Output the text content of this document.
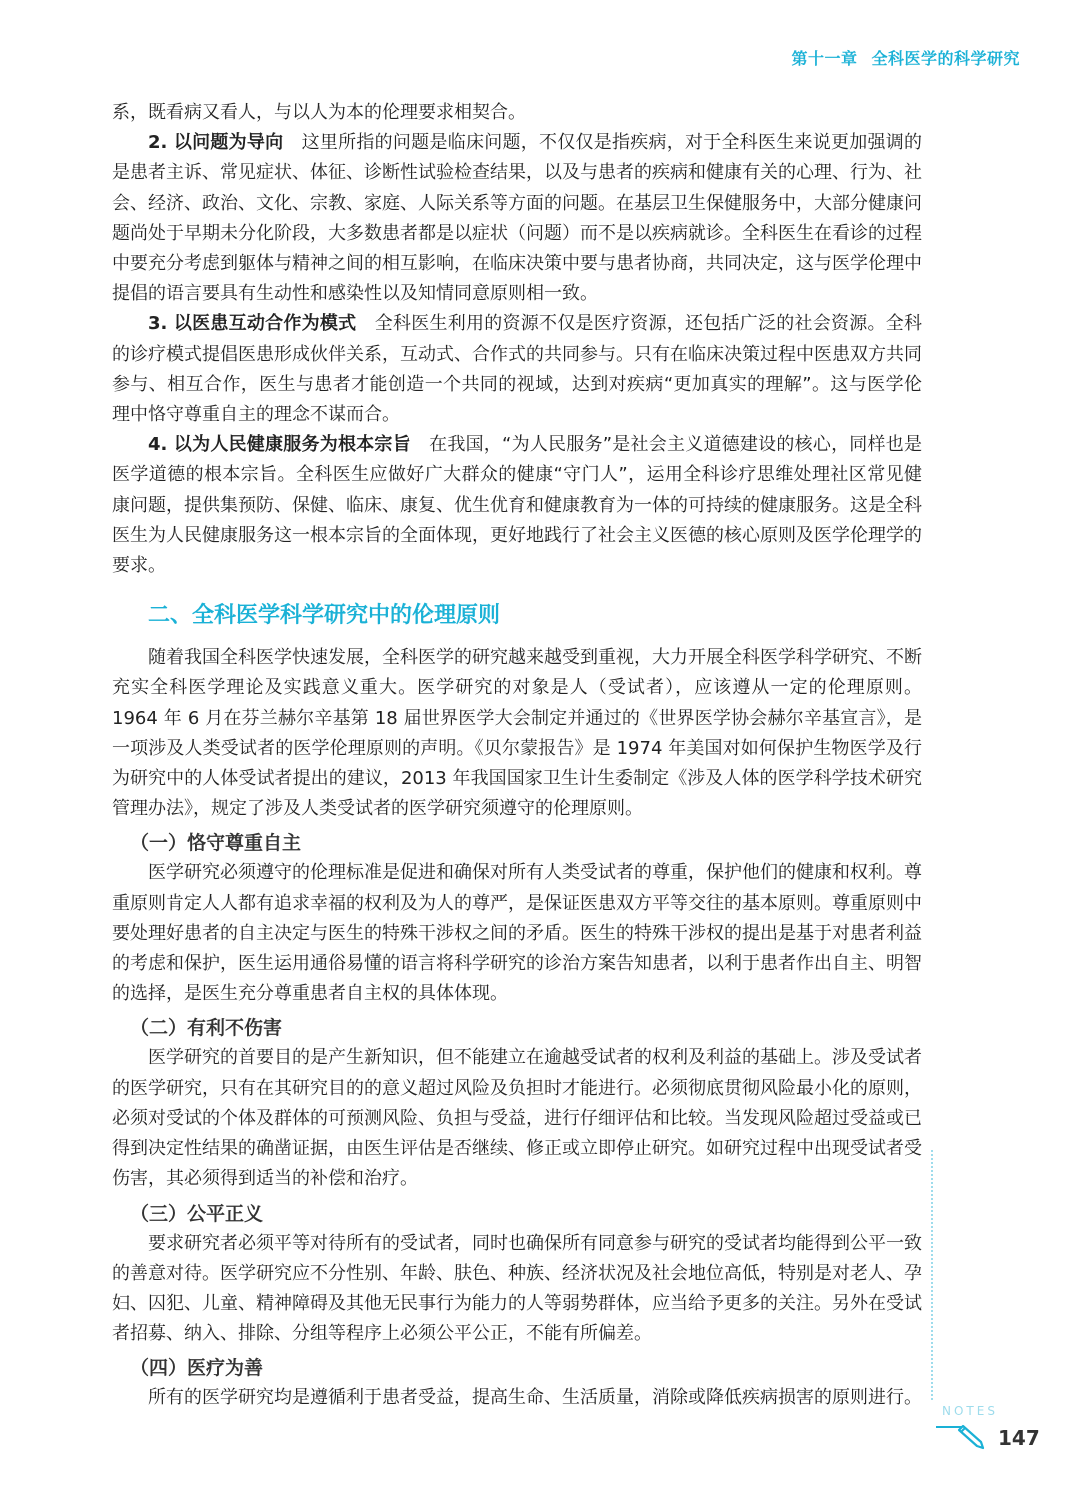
第十一章 全科医学的科学研究

系，既看病又看人，与以人为本的伦理要求相契合。

2. 以问题为导向　 这里所指的问题是临床问题，不仅仅是指疾病，对于全科医生来说更加强调的是患者主诉、常见症状、体征、诊断性试验检查结果，以及与患者的疾病和健康有关的心理、行为、社会、经济、政治、文化、宗教、家庭、人际关系等方面的问题。在基层卫生保健服务中，大部分健康问题尚处于早期未分化阶段，大多数患者都是以症状（问题）而不是以疾病就诊。全科医生在看诊的过程中要充分考虑到躯体与精神之间的相互影响，在临床决策中要与患者协商，共同决定，这与医学伦理中提倡的语言要具有生动性和感染性以及知情同意原则相一致。

3. 以医患互动合作为模式　 全科医生利用的资源不仅是医疗资源，还包括广泛的社会资源。全科的诊疗模式提倡医患形成伙伴关系，互动式、合作式的共同参与。只有在临床决策过程中医患双方共同参与、相互合作，医生与患者才能创造一个共同的视域，达到对疾病“更加真实的理解”。这与医学伦理中恪守尊重自主的理念不谋而合。

4. 以为人民健康服务为根本宗旨　 在我国，“为人民服务”是社会主义道德建设的核心，同样也是医学道德的根本宗旨。全科医生应做好广大群众的健康“守门人”，运用全科诊疗思维处理社区常见健康问题，提供集预防、保健、临床、康复、优生优育和健康教育为一体的可持续的健康服务。这是全科医生为人民健康服务这一根本宗旨的全面体现，更好地践行了社会主义医德的核心原则及医学伦理学的要求。

二、全科医学科学研究中的伦理原则

随着我国全科医学快速发展，全科医学的研究越来越受到重视，大力开展全科医学科学研究、不断充实全科医学理论及实践意义重大。医学研究的对象是人（受试者），应该遵从一定的伦理原则。1964 年 6 月在芬兰赫尔辛基第 18 届世界医学大会制定并通过的《世界医学协会赫尔辛基宣言》，是一项涉及人类受试者的医学伦理原则的声明。《贝尔蒙报告》是 1974 年美国对如何保护生物医学及行为研究中的人体受试者提出的建议，2013 年我国国家卫生计生委制定《涉及人体的医学科学技术研究管理办法》，规定了涉及人类受试者的医学研究须遵守的伦理原则。

（一）恪守尊重自主

医学研究必须遵守的伦理标准是促进和确保对所有人类受试者的尊重，保护他们的健康和权利。尊重原则肯定人人都有追求幸福的权利及为人的尊严，是保证医患双方平等交往的基本原则。尊重原则中要处理好患者的自主决定与医生的特殊干涉权之间的矛盾。医生的特殊干涉权的提出是基于对患者利益的考虑和保护，医生运用通俗易懂的语言将科学研究的诊治方案告知患者，以利于患者作出自主、明智的选择，是医生充分尊重患者自主权的具体体现。

（二）有利不伤害

医学研究的首要目的是产生新知识，但不能建立在逾越受试者的权利及利益的基础上。涉及受试者的医学研究，只有在其研究目的的意义超过风险及负担时才能进行。必须彻底贯彻风险最小化的原则，必须对受试的个体及群体的可预测风险、负担与受益，进行仔细评估和比较。当发现风险超过受益或已得到决定性结果的确凿证据，由医生评估是否继续、修正或立即停止研究。如研究过程中出现受试者受伤害，其必须得到适当的补偿和治疗。

（三）公平正义

要求研究者必须平等对待所有的受试者，同时也确保所有同意参与研究的受试者均能得到公平一致的善意对待。医学研究应不分性别、年龄、肤色、种族、经济状况及社会地位高低，特别是对老人、孕妇、囚犯、儿童、精神障碍及其他无民事行为能力的人等弱势群体，应当给予更多的关注。另外在受试者招募、纳入、排除、分组等程序上必须公平公正，不能有所偏差。

（四）医疗为善

所有的医学研究均是遵循利于患者受益，提高生命、生活质量，消除或降低疾病损害的原则进行。

NOTES
147
